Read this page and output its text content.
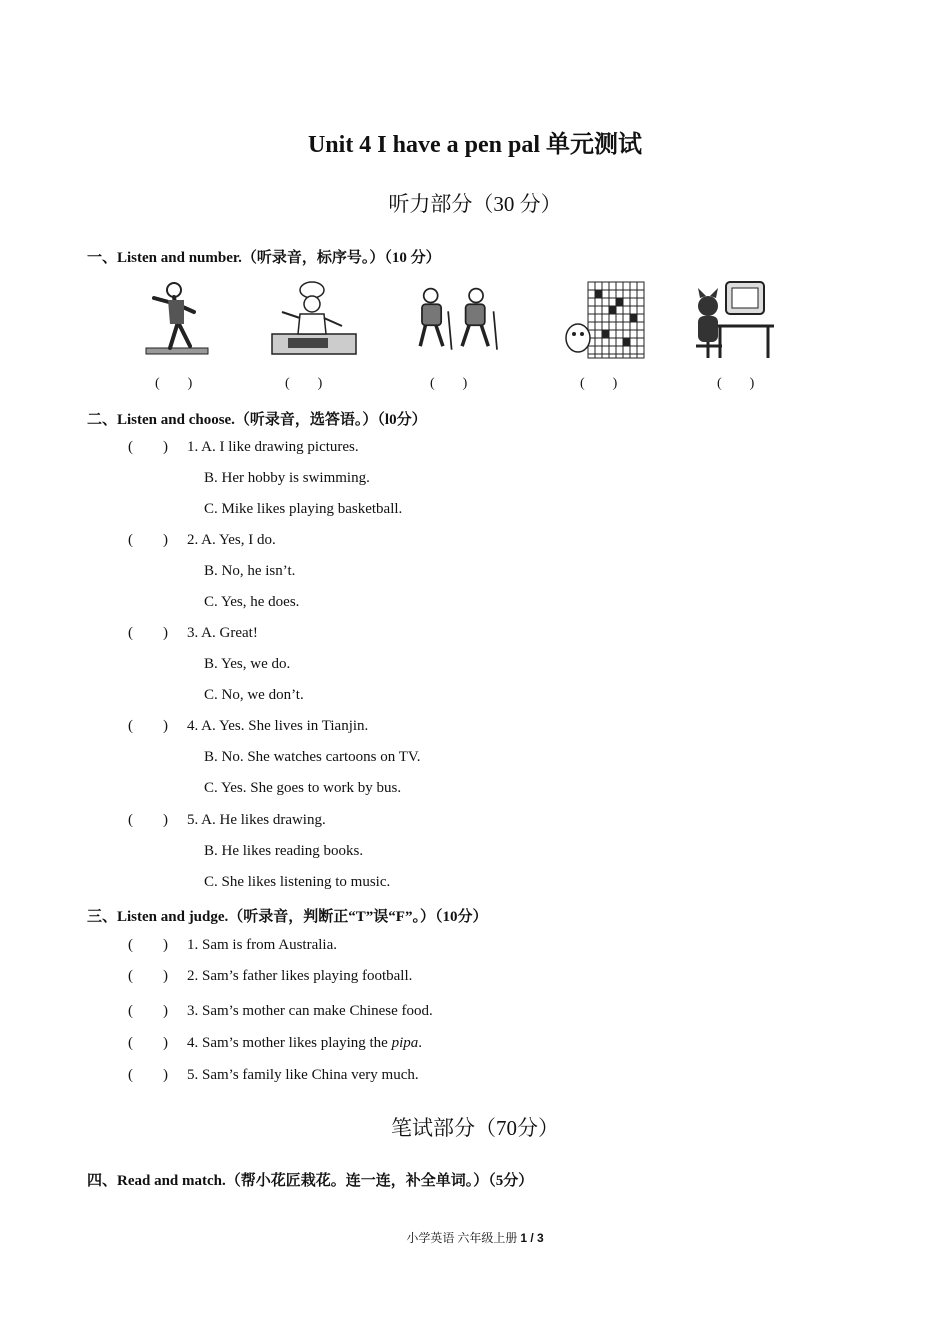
Unit 4 I have a pen pal 单元测试
听力部分（30 分）
一、Listen and number.（听录音，标序号。）（10 分）
(        )	(        )	(        )	(        )	(        )
二、Listen and choose.（听录音，选答语。）（l0分）
(        ) 1. A. I like drawing pictures.
B. Her hobby is swimming.
C. Mike likes playing basketball.
(        ) 2. A. Yes, I do.
B. No, he isn’t.
C. Yes, he does.
(        ) 3. A. Great!
B. Yes, we do.
C. No, we don’t.
(        ) 4. A. Yes. She lives in Tianjin.
B. No. She watches cartoons on TV.
C. Yes. She goes to work by bus.
(        ) 5. A. He likes drawing.
B. He likes reading books.
C. She likes listening to music.
三、Listen and judge.（听录音，判断正“T”误“F”。）（10分）
(        ) 1. Sam is from Australia.
(        ) 2. Sam’s father likes playing football.
(        ) 3. Sam’s mother can make Chinese food.
(        ) 4. Sam’s mother likes playing the pipa.
(        ) 5. Sam’s family like China very much.
笔试部分（70分）
四、Read and match.（帮小花匠栽花。连一连，补全单词。）（5分）
小学英语 六年级上册 1 / 3
